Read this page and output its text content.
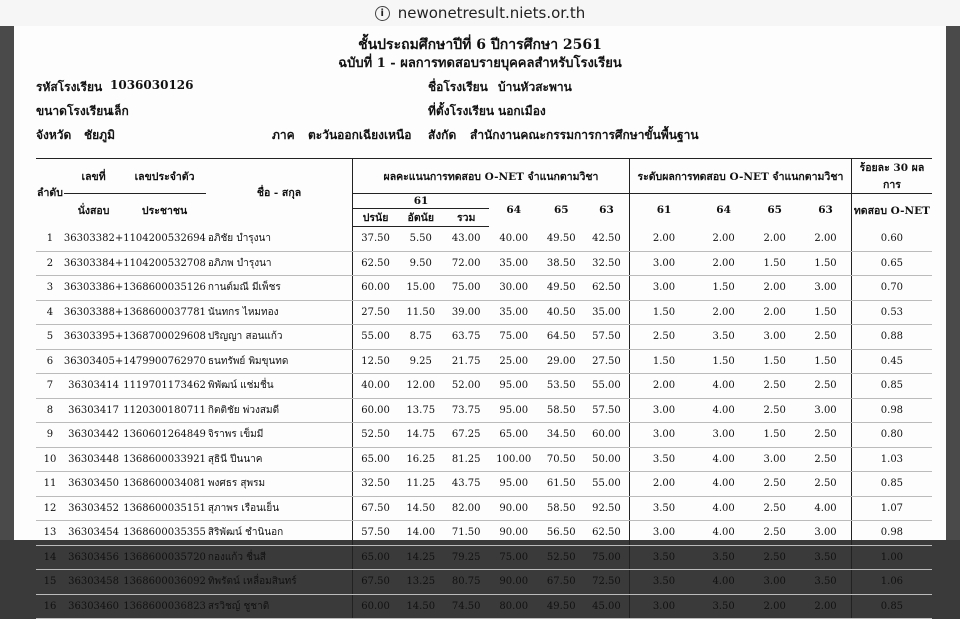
i newonetresult.niets.or.th
ชั้นประถมศึกษาปีที่ 6 ปีการศึกษา 2561
ฉบับที่ 1 - ผลการทดสอบรายบุคคลสำหรับโรงเรียน
รหัสโรงเรียน 1036030126	ชื่อโรงเรียน บ้านหัวสะพาน
ขนาดโรงเรียน
เล็ก	ที่ตั้งโรงเรียน นอกเมือง
จังหวัด ชัยภูมิ	ภาค ตะวันออกเฉียงเหนือ สังกัด สำนักงานคณะกรรมการการศึกษาขั้นพื้นฐาน
ลำดับ	เลขที่	เลขประจำตัว	ชื่อ - สกุล	ผลคะแนนการทดสอบ O-NET จำแนกตามวิชา						ระดับผลการทดสอบ O-NET จำแนกตามวิชา				ร้อยละ 30 ผลการ
	นั่งสอบ	ประชาชน		61			64	65	63	61	64	65	63	ทดสอบ O-NET
				ปรนัย	อัตนัย	รวม								
1	36303382+	1104200532694	อภิชัย บำรุงนา	37.50	5.50	43.00	40.00	49.50	42.50	2.00	2.00	2.00	2.00	0.60
2	36303384+	1104200532708	อภิภพ บำรุงนา	62.50	9.50	72.00	35.00	38.50	32.50	3.00	2.00	1.50	1.50	0.65
3	36303386+	1368600035126	กานต์มณี มีเพ็ชร	60.00	15.00	75.00	30.00	49.50	62.50	3.00	1.50	2.00	3.00	0.70
4	36303388+	1368600037781	นันทกร ไหมทอง	27.50	11.50	39.00	35.00	40.50	35.00	1.50	2.00	2.00	1.50	0.53
5	36303395+	1368700029608	ปริญญา สอนแก้ว	55.00	8.75	63.75	75.00	64.50	57.50	2.50	3.50	3.00	2.50	0.88
6	36303405+	1479900762970	ธนทรัพย์ พิมขุนทด	12.50	9.25	21.75	25.00	29.00	27.50	1.50	1.50	1.50	1.50	0.45
7	36303414	1119701173462	พิพัฒน์ แช่มชื่น	40.00	12.00	52.00	95.00	53.50	55.00	2.00	4.00	2.50	2.50	0.85
8	36303417	1120300180711	กิตติชัย พ่วงสมดี	60.00	13.75	73.75	95.00	58.50	57.50	3.00	4.00	2.50	3.00	0.98
9	36303442	1360601264849	จิราพร เข็มมี	52.50	14.75	67.25	65.00	34.50	60.00	3.00	3.00	1.50	2.50	0.80
10	36303448	1368600033921	สุธินี ปีนนาค	65.00	16.25	81.25	100.00	70.50	50.00	3.50	4.00	3.00	2.50	1.03
11	36303450	1368600034081	พงศธร สุพรม	32.50	11.25	43.75	95.00	61.50	55.00	2.00	4.00	2.50	2.50	0.85
12	36303452	1368600035151	สุภาพร เรือนเย็น	67.50	14.50	82.00	90.00	58.50	92.50	3.50	4.00	2.50	4.00	1.07
13	36303454	1368600035355	สิริพัฒน์ ชำนินอก	57.50	14.00	71.50	90.00	56.50	62.50	3.00	4.00	2.50	3.00	0.98
14	36303456	1368600035720	กองแก้ว ชื่นสี	65.00	14.25	79.25	75.00	52.50	75.00	3.50	3.50	2.50	3.50	1.00
15	36303458	1368600036092	ทิพรัตน์ เหลื่อมสินทร์	67.50	13.25	80.75	90.00	67.50	72.50	3.50	4.00	3.00	3.50	1.06
16	36303460	1368600036823	สรวิชญ์ ชูชาติ	60.00	14.50	74.50	80.00	49.50	45.00	3.00	3.50	2.00	2.00	0.85
